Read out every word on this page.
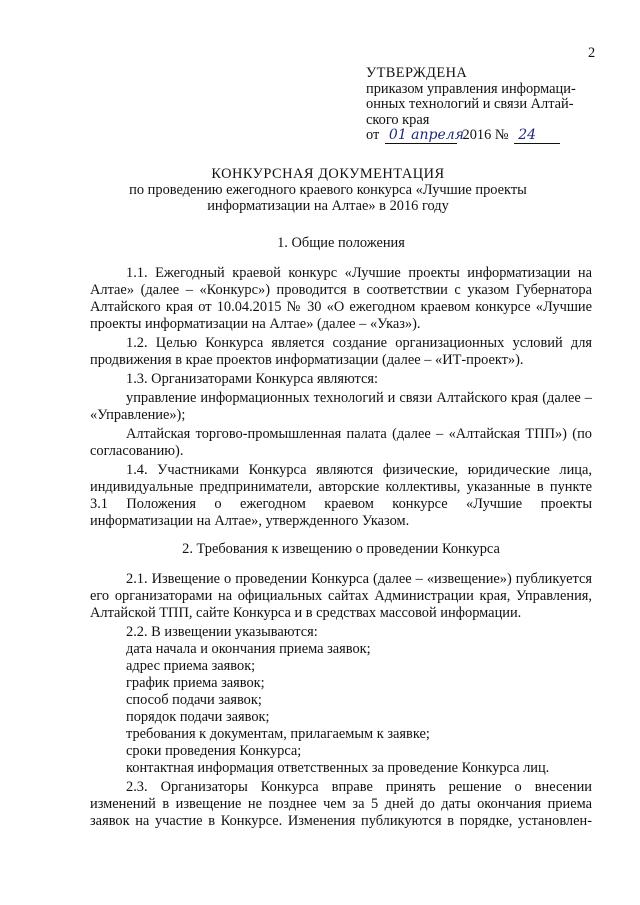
2
УТВЕРЖДЕНА
приказом управления информаци-
онных технологий и связи Алтай-
ского края
от 01 апреля 2016 № 24
КОНКУРСНАЯ ДОКУМЕНТАЦИЯ
по проведению ежегодного краевого конкурса «Лучшие проекты
информатизации на Алтае» в 2016 году
1. Общие положения

1.1. Ежегодный краевой конкурс «Лучшие проекты информатизации на Алтае» (далее – «Конкурс») проводится в соответствии с указом Губернатора Алтайского края от 10.04.2015 № 30 «О ежегодном краевом конкурсе «Лучшие проекты информатизации на Алтае» (далее – «Указ»).

1.2. Целью Конкурса является создание организационных условий для продвижения в крае проектов информатизации (далее – «ИТ-проект»).

1.3. Организаторами Конкурса являются:

управление информационных технологий и связи Алтайского края (далее – «Управление»);

Алтайская торгово-промышленная палата (далее – «Алтайская ТПП») (по согласованию).

1.4. Участниками Конкурса являются физические, юридические лица, индивидуальные предприниматели, авторские коллективы, указанные в пункте 3.1 Положения о ежегодном краевом конкурсе «Лучшие проекты информатизации на Алтае», утвержденного Указом.

2. Требования к извещению о проведении Конкурса

2.1. Извещение о проведении Конкурса (далее – «извещение») публикуется его организаторами на официальных сайтах Администрации края, Управления, Алтайской ТПП, сайте Конкурса и в средствах массовой информации.

2.2. В извещении указываются:

дата начала и окончания приема заявок;

адрес приема заявок;

график приема заявок;

способ подачи заявок;

порядок подачи заявок;

требования к документам, прилагаемым к заявке;

сроки проведения Конкурса;

контактная информация ответственных за проведение Конкурса лиц.

2.3. Организаторы Конкурса вправе принять решение о внесении изменений в извещение не позднее чем за 5 дней до даты окончания приема заявок на участие в Конкурсе. Изменения публикуются в порядке, установлен-
